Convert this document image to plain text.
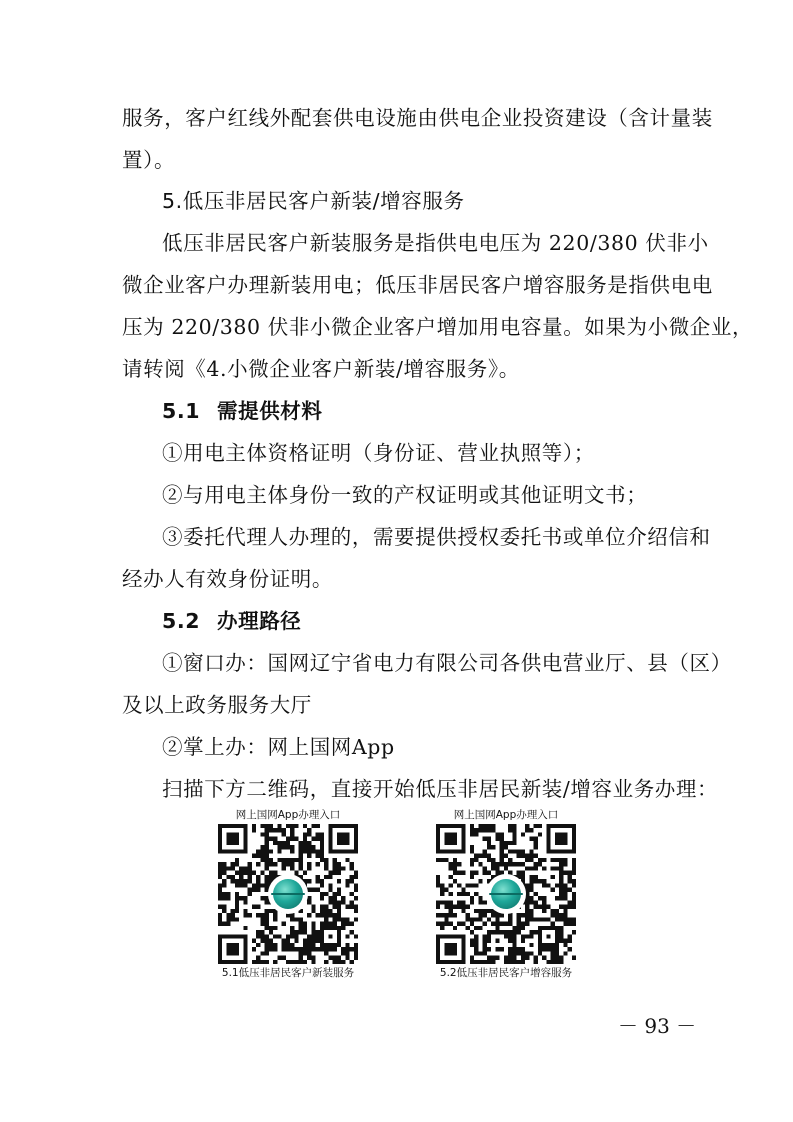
服务，客户红线外配套供电设施由供电企业投资建设（含计量装
置）。
5.低压非居民客户新装/增容服务
低压非居民客户新装服务是指供电电压为 220/380 伏非小
微企业客户办理新装用电；低压非居民客户增容服务是指供电电
压为 220/380 伏非小微企业客户增加用电容量。如果为小微企业，
请转阅《4.小微企业客户新装/增容服务》。
5.1 需提供材料
①用电主体资格证明（身份证、营业执照等）；
②与用电主体身份一致的产权证明或其他证明文书；
③委托代理人办理的，需要提供授权委托书或单位介绍信和
经办人有效身份证明。
5.2 办理路径
①窗口办：国网辽宁省电力有限公司各供电营业厅、县（区）
及以上政务服务大厅
②掌上办：网上国网App
扫描下方二维码，直接开始低压非居民新装/增容业务办理：
网上国网App办理入口
5.1低压非居民客户新装服务
网上国网App办理入口
5.2低压非居民客户增容服务
－ 93 －
